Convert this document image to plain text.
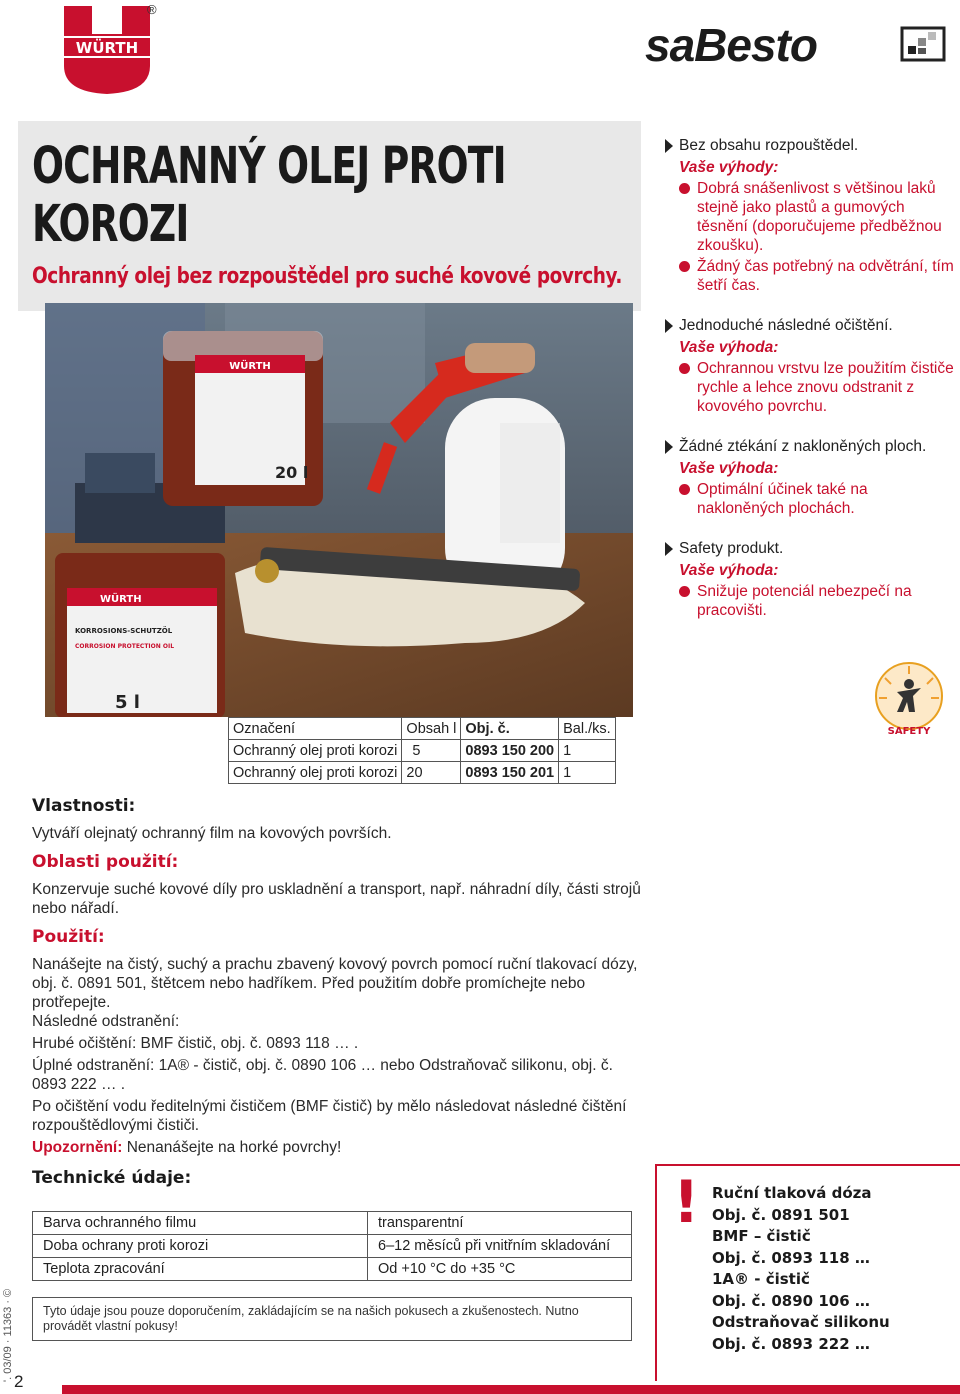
WÜRTH
®
saBesto
OCHRANNÝ OLEJ PROTI KOROZI
Ochranný olej bez rozpouštědel pro suché kovové povrchy.
WÜRTH
20 l
WÜRTH
KORROSIONS-SCHUTZÖL
CORROSION PROTECTION OIL
5 l
Bez obsahu rozpouštědel.
Vaše výhody:
Dobrá snášenlivost s většinou laků stejně jako plastů a gumových těsnění (doporučujeme předběžnou zkoušku).
Žádný čas potřebný na odvětrání, tím šetří čas.
Jednoduché následné očištění.
Vaše výhoda:
Ochrannou vrstvu lze použitím čističe rychle a lehce znovu odstranit z kovového povrchu.
Žádné ztékání z nakloněných ploch.
Vaše výhoda:
Optimální účinek také na nakloněných plochách.
Safety produkt.
Vaše výhoda:
Snižuje potenciál nebezpečí na pracovišti.
SAFETY
Označení	Obsah l	Obj. č.	Bal./ks.
Ochranný olej proti korozi	5	0893 150 200	1
Ochranný olej proti korozi	20	0893 150 201	1
Vlastnosti:

Vytváří olejnatý ochranný film na kovových površích.

Oblasti použití:

Konzervuje suché kovové díly pro uskladnění a transport, např. náhradní díly, části strojů nebo nářadí.

Použití:

Nanášejte na čistý, suchý a prachu zbavený kovový povrch pomocí ruční tlakovací dózy, obj. č. 0891 501, štětcem nebo hadříkem. Před použitím dobře promíchejte nebo protřepejte.

Následné odstranění:

Hrubé očištění: BMF čistič, obj. č. 0893 118 … .

Úplné odstranění: 1A® - čistič, obj. č. 0890 106 … nebo Odstraňovač silikonu, obj. č. 0893 222 … .

Po očištění vodu ředitelnými čističem (BMF čistič) by mělo následovat následné čištění rozpouštědlovými čističi.

Upozornění: Nenanášejte na horké povrchy!

Technické údaje:
Barva ochranného filmu	transparentní
Doba ochrany proti korozi	6–12 měsíců při vnitřním skladování
Teplota zpracování	Od +10 °C do +35 °C
Tyto údaje jsou pouze doporučením, zakládajícím se na našich pokusech a zkušenostech. Nutno provádět vlastní pokusy!
! Ruční tlaková dóza
Obj. č. 0891 501
BMF – čistič
Obj. č. 0893 118 …
1A® - čistič
Obj. č. 0890 106 …
Odstraňovač silikonu
Obj. č. 0893 222 …
'. 03/09 · 11363 · © 2
